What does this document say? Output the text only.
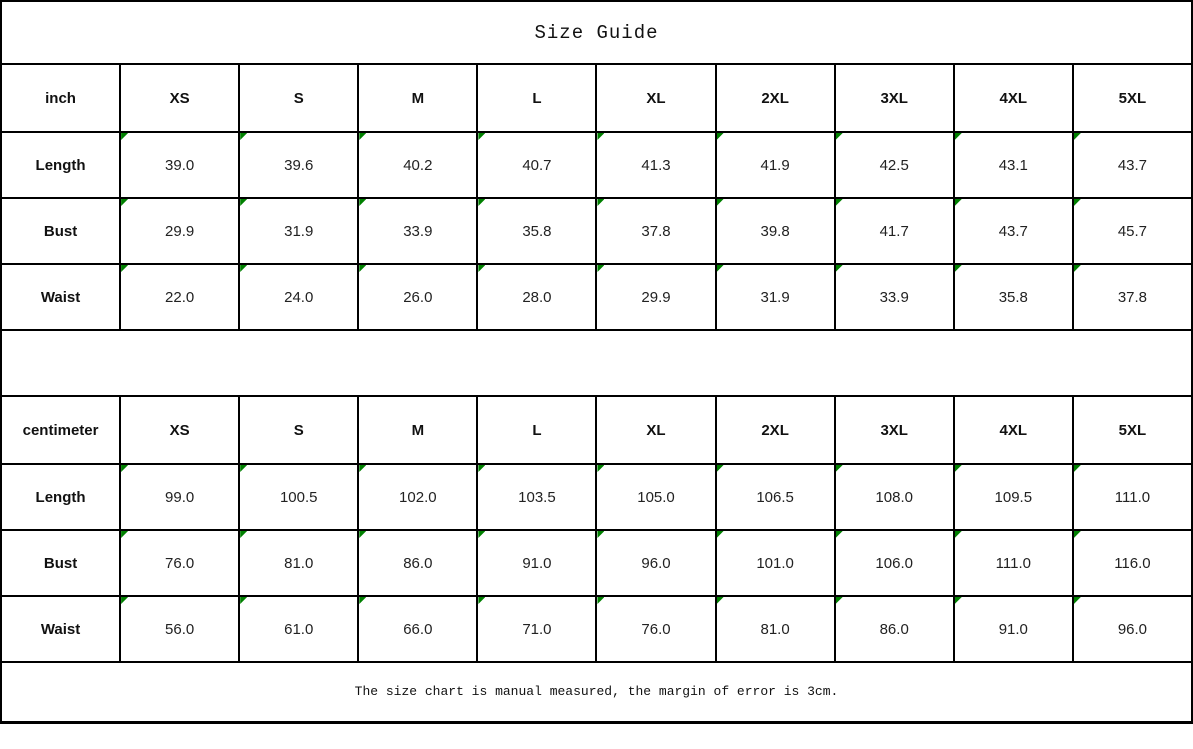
Size Guide									
inch	XS	S	M	L	XL	2XL	3XL	4XL	5XL
Length	39.0	39.6	40.2	40.7	41.3	41.9	42.5	43.1	43.7
Bust	29.9	31.9	33.9	35.8	37.8	39.8	41.7	43.7	45.7
Waist	22.0	24.0	26.0	28.0	29.9	31.9	33.9	35.8	37.8

centimeter	XS	S	M	L	XL	2XL	3XL	4XL	5XL
Length	99.0	100.5	102.0	103.5	105.0	106.5	108.0	109.5	111.0
Bust	76.0	81.0	86.0	91.0	96.0	101.0	106.0	111.0	116.0
Waist	56.0	61.0	66.0	71.0	76.0	81.0	86.0	91.0	96.0
The size chart is manual measured, the margin of error is 3cm.									
